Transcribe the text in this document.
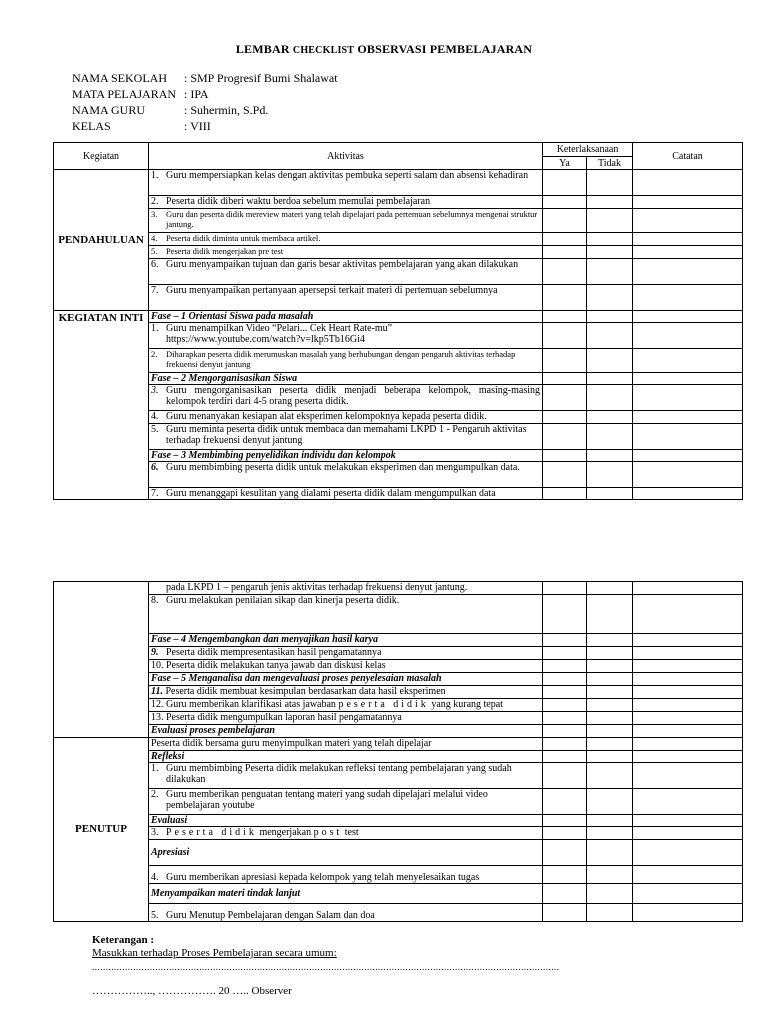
LEMBAR CHECKLIST OBSERVASI PEMBELAJARAN
NAMA SEKOLAH : SMP Progresif Bumi Shalawat
MATA PELAJARAN : IPA
NAMA GURU	: Suhermin, S.Pd.
KELAS	: VIII
Kegiatan	Aktivitas	Keterlaksanaan		Catatan
		Ya	Tidak	
PENDAHULUAN	1. Guru mempersiapkan kelas dengan aktivitas pembuka seperti salam dan absensi kehadiran			

	2. Peserta didik diberi waktu berdoa sebelum memulai pembelajaran			

	3. Guru dan peserta didik mereview materi yang telah dipelajari pada pertemuan sebelumnya mengenai struktur jantung.			

	4. Peserta didik diminta untuk membaca artikel.			

	5. Peserta didik mengerjakan pre test			

	6. Guru menyampaikan tujuan dan garis besar aktivitas pembelajaran yang akan dilakukan			

	7. Guru menyampaikan pertanyaan apersepsi terkait materi di pertemuan sebelumnya			

KEGIATAN INTI	Fase – 1 Orientasi Siswa pada masalah			

	1. Guru menampilkan Video “Pelari... Cek Heart Rate-mu”
https://www.youtube.com/watch?v=lkp5Tb16Gi4			

	2. Diharapkan peserta didik merumuskan masalah yang berhubungan dengan pengaruh aktivitas terhadap frekuensi denyut jantung			

	Fase – 2 Mengorganisasikan Siswa			

	3. Guru mengorganisasikan peserta didik menjadi beberapa kelompok, masing-masing kelompok terdiri dari 4-5 orang peserta didik.			

	4. Guru menanyakan kesiapan alat eksperimen kelompoknya kepada peserta didik.			

	5. Guru meminta peserta didik untuk membaca dan memahami LKPD 1 - Pengaruh aktivitas terhadap frekuensi denyut jantung			

	Fase – 3 Membimbing penyelidikan individu dan kelompok			

	6. Guru membimbing peserta didik untuk melakukan eksperimen dan mengumpulkan data.			

	7. Guru menanggapi kesulitan yang dialami peserta didik dalam mengumpulkan data			

	pada LKPD 1 – pengaruh jenis aktivitas terhadap frekuensi denyut jantung.			

	8. Guru melakukan penilaian sikap dan kinerja peserta didik.			

	Fase – 4 Mengembangkan dan menyajikan hasil karya			

	9. Peserta didik mempresentasikan hasil pengamatannya			

	10. Peserta didik melakukan tanya jawab dan diskusi kelas			
	Fase – 5 Menganalisa dan mengevaluasi proses penyelesaian masalah			
	11. Peserta didik membuat kesimpulan berdasarkan data hasil eksperimen			
	12. Guru memberikan klarifikasi atas jawaban peserta didik yang kurang tepat			
	13. Peserta didik mengumpulkan laporan hasil pengamatannya			
	Evaluasi proses pembelajaran			
PENUTUP	Peserta didik bersama guru menyimpulkan materi yang telah dipelajar			
	Refleksi			

	1. Guru membimbing Peserta didik melakukan refleksi tentang pembelajaran yang sudah dilakukan			

	2. Guru memberikan penguatan tentang materi yang sudah dipelajari melalui video pembelajaran youtube			

	Evaluasi			

	3. Peserta didik mengerjakan post test			

	Apresiasi			

	4. Guru memberikan apresiasi kepada kelompok yang telah menyelesaikan tugas			

	Menyampaikan materi tindak lanjut			

	5. Guru Menutup Pembelajaran dengan Salam dan doa			

Keterangan :
Masukkan terhadap Proses Pembelajaran secara umum:
..........................................................................................................................................................................
…………….., ……………. 20 ….. Observer
